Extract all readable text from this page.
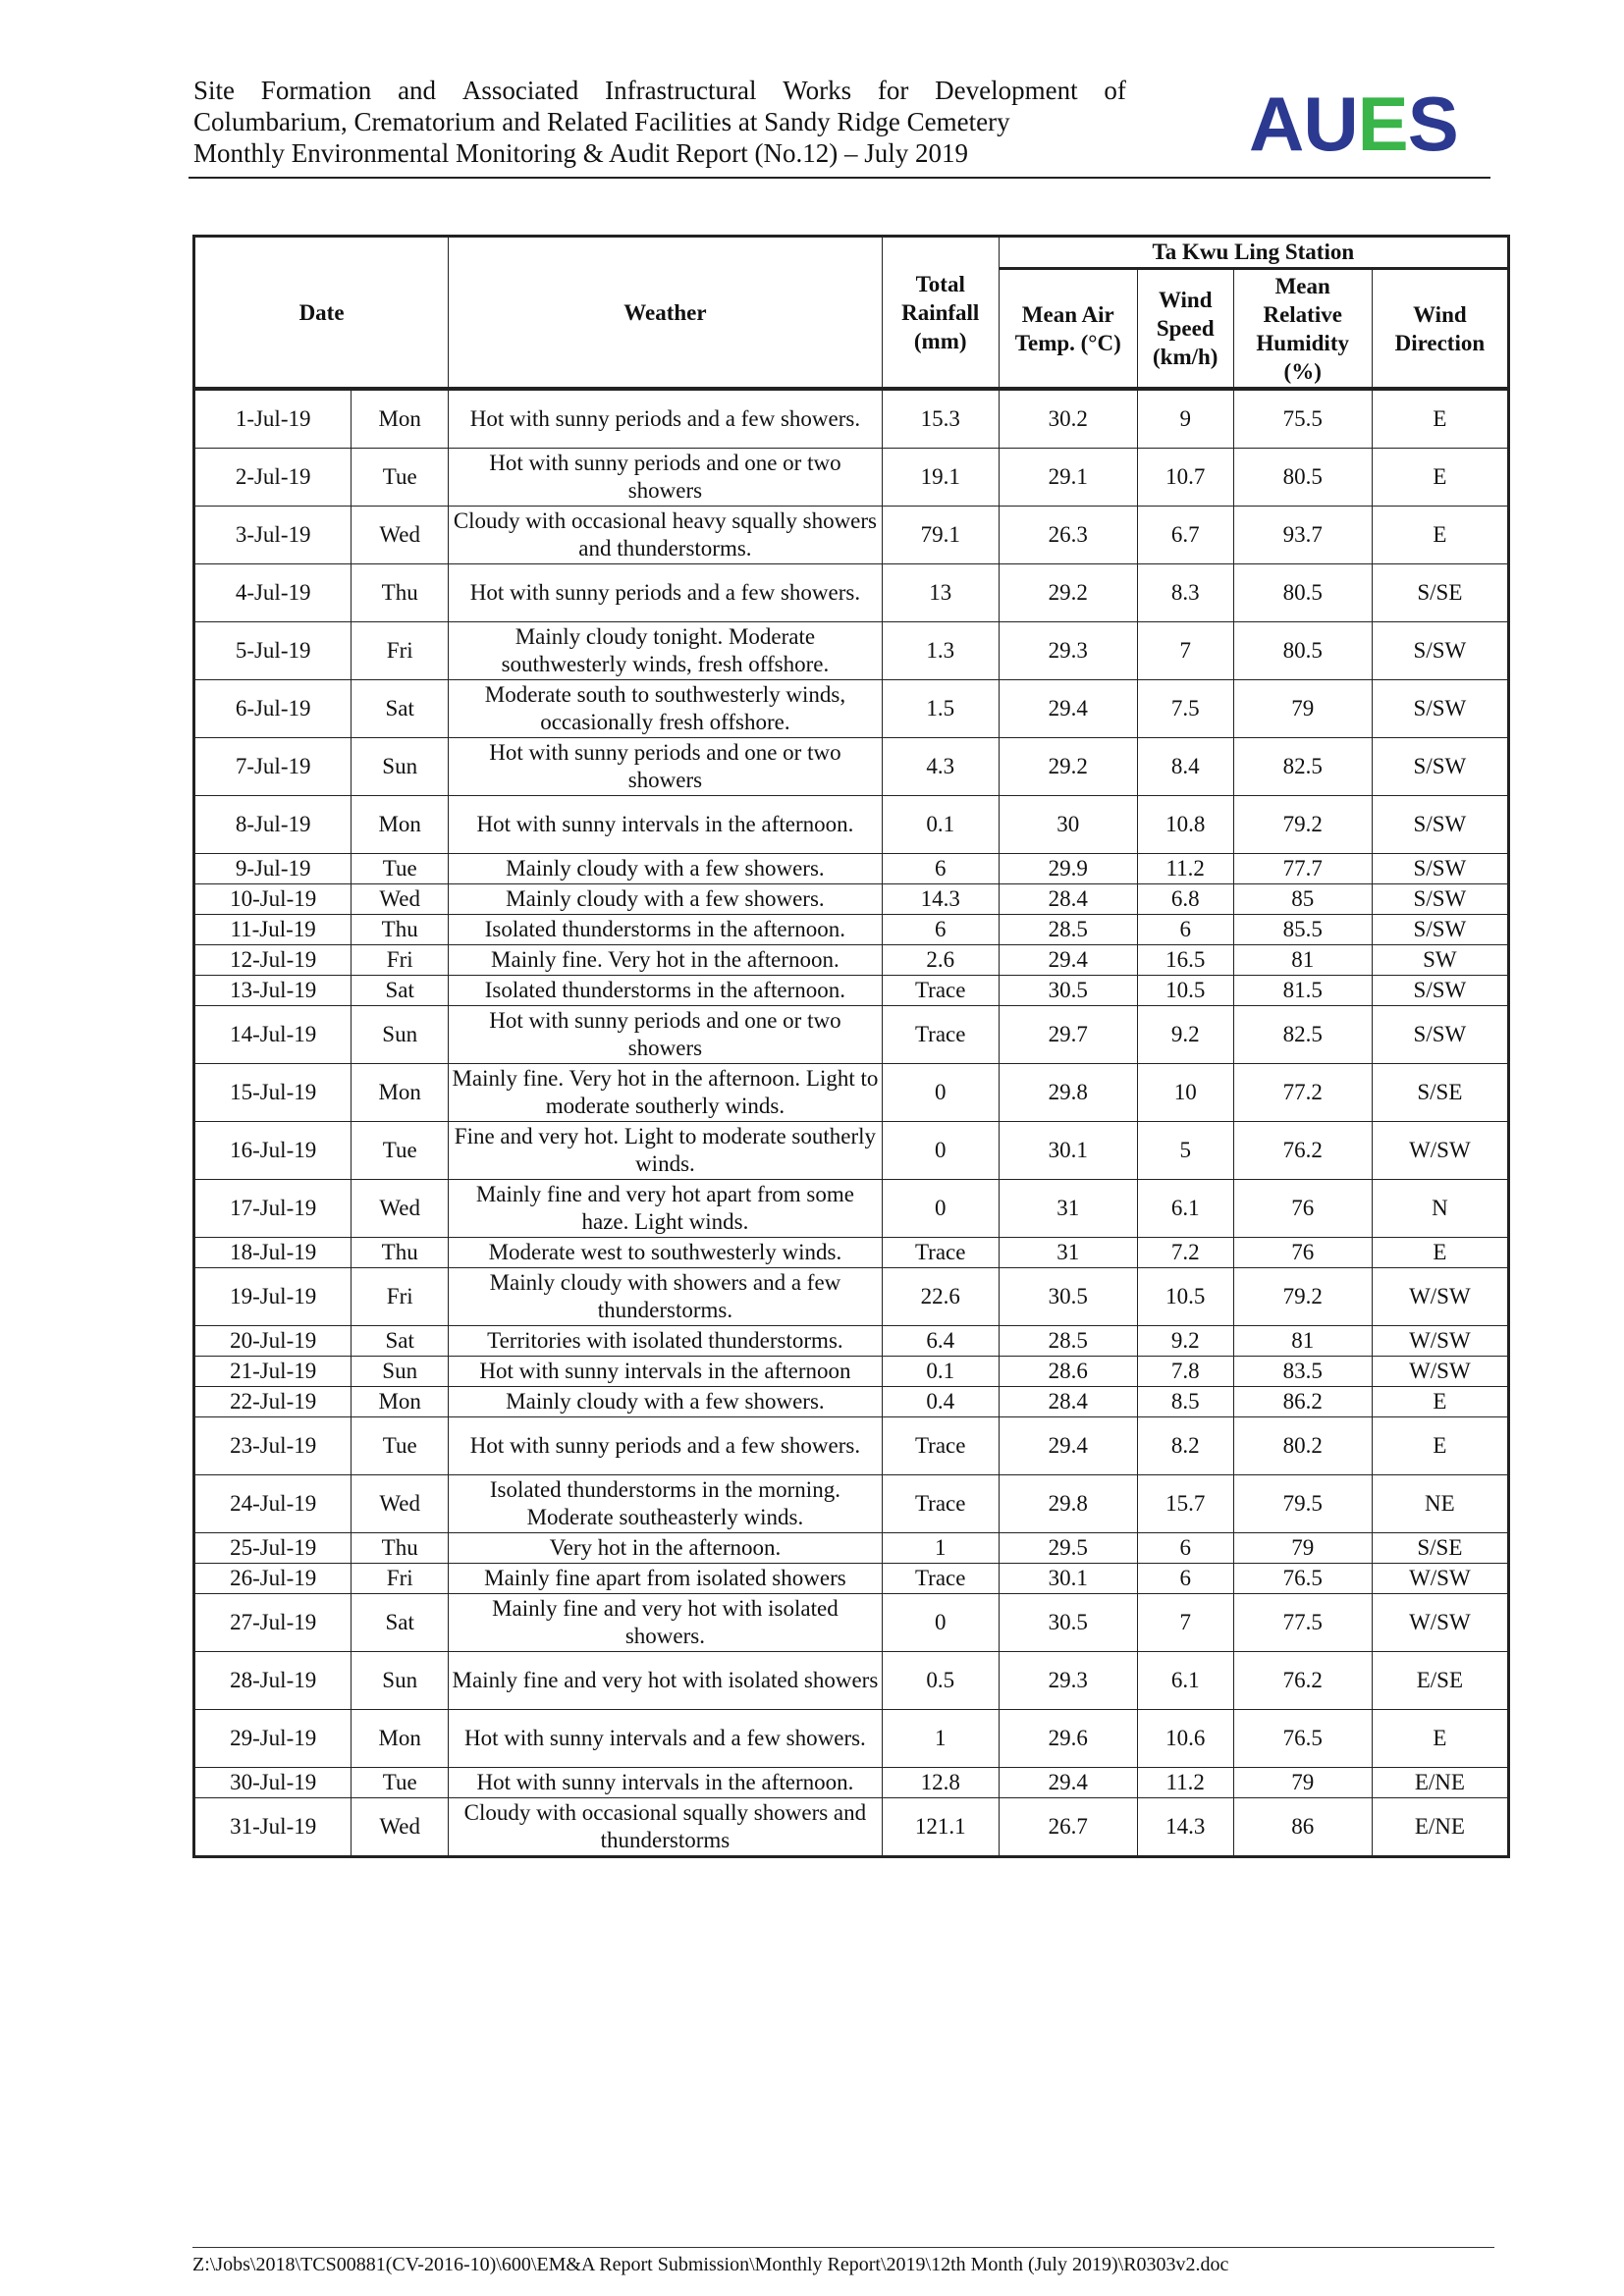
Site Formation and Associated Infrastructural Works for Development of
Columbarium, Crematorium and Related Facilities at Sandy Ridge Cemetery
Monthly Environmental Monitoring & Audit Report (No.12) – July 2019	AUES
Date		Weather	Total Rainfall (mm)	Ta Kwu Ling Station			
				Mean Air Temp. (°C)	Wind Speed (km/h)	Mean Relative Humidity (%)	Wind Direction
1-Jul-19	Mon	Hot with sunny periods and a few showers.	15.3	30.2	9	75.5	E
2-Jul-19	Tue	Hot with sunny periods and one or two showers	19.1	29.1	10.7	80.5	E
3-Jul-19	Wed	Cloudy with occasional heavy squally showers and thunderstorms.	79.1	26.3	6.7	93.7	E
4-Jul-19	Thu	Hot with sunny periods and a few showers.	13	29.2	8.3	80.5	S/SE
5-Jul-19	Fri	Mainly cloudy tonight. Moderate southwesterly winds, fresh offshore.	1.3	29.3	7	80.5	S/SW
6-Jul-19	Sat	Moderate south to southwesterly winds, occasionally fresh offshore.	1.5	29.4	7.5	79	S/SW
7-Jul-19	Sun	Hot with sunny periods and one or two showers	4.3	29.2	8.4	82.5	S/SW
8-Jul-19	Mon	Hot with sunny intervals in the afternoon.	0.1	30	10.8	79.2	S/SW
9-Jul-19	Tue	Mainly cloudy with a few showers.	6	29.9	11.2	77.7	S/SW
10-Jul-19	Wed	Mainly cloudy with a few showers.	14.3	28.4	6.8	85	S/SW
11-Jul-19	Thu	Isolated thunderstorms in the afternoon.	6	28.5	6	85.5	S/SW
12-Jul-19	Fri	Mainly fine. Very hot in the afternoon.	2.6	29.4	16.5	81	SW
13-Jul-19	Sat	Isolated thunderstorms in the afternoon.	Trace	30.5	10.5	81.5	S/SW
14-Jul-19	Sun	Hot with sunny periods and one or two showers	Trace	29.7	9.2	82.5	S/SW
15-Jul-19	Mon	Mainly fine. Very hot in the afternoon. Light to moderate southerly winds.	0	29.8	10	77.2	S/SE
16-Jul-19	Tue	Fine and very hot. Light to moderate southerly winds.	0	30.1	5	76.2	W/SW
17-Jul-19	Wed	Mainly fine and very hot apart from some haze. Light winds.	0	31	6.1	76	N
18-Jul-19	Thu	Moderate west to southwesterly winds.	Trace	31	7.2	76	E
19-Jul-19	Fri	Mainly cloudy with showers and a few thunderstorms.	22.6	30.5	10.5	79.2	W/SW
20-Jul-19	Sat	Territories with isolated thunderstorms.	6.4	28.5	9.2	81	W/SW
21-Jul-19	Sun	Hot with sunny intervals in the afternoon	0.1	28.6	7.8	83.5	W/SW
22-Jul-19	Mon	Mainly cloudy with a few showers.	0.4	28.4	8.5	86.2	E
23-Jul-19	Tue	Hot with sunny periods and a few showers.	Trace	29.4	8.2	80.2	E
24-Jul-19	Wed	Isolated thunderstorms in the morning. Moderate southeasterly winds.	Trace	29.8	15.7	79.5	NE
25-Jul-19	Thu	Very hot in the afternoon.	1	29.5	6	79	S/SE
26-Jul-19	Fri	Mainly fine apart from isolated showers	Trace	30.1	6	76.5	W/SW
27-Jul-19	Sat	Mainly fine and very hot with isolated showers.	0	30.5	7	77.5	W/SW
28-Jul-19	Sun	Mainly fine and very hot with isolated showers	0.5	29.3	6.1	76.2	E/SE
29-Jul-19	Mon	Hot with sunny intervals and a few showers.	1	29.6	10.6	76.5	E
30-Jul-19	Tue	Hot with sunny intervals in the afternoon.	12.8	29.4	11.2	79	E/NE
31-Jul-19	Wed	Cloudy with occasional squally showers and thunderstorms	121.1	26.7	14.3	86	E/NE
Z:\Jobs\2018\TCS00881(CV-2016-10)\600\EM&A Report Submission\Monthly Report\2019\12th Month (July 2019)\R0303v2.doc
